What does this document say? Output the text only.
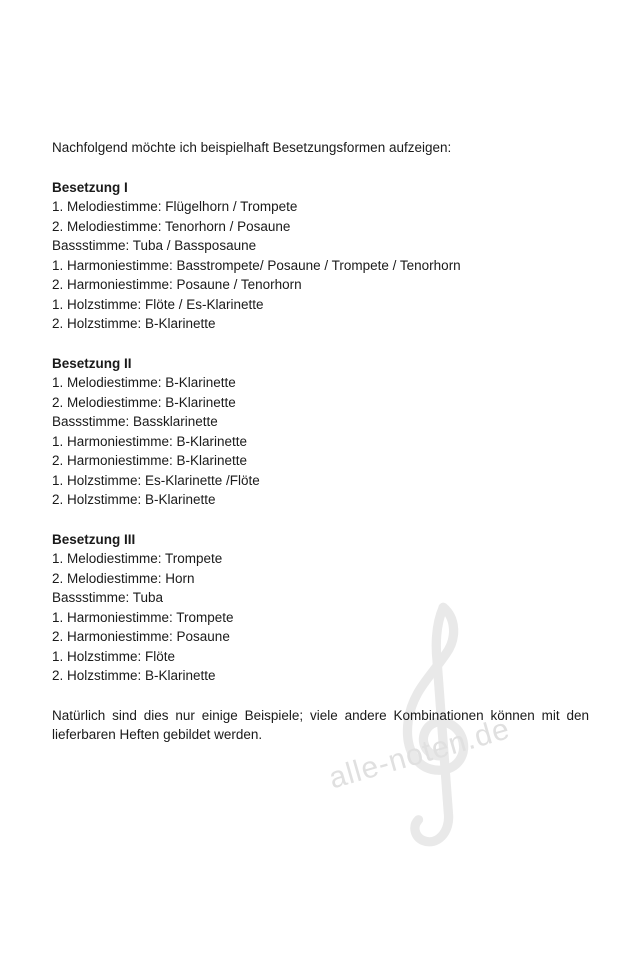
alle-noten.de

Nachfolgend möchte ich beispielhaft Besetzungsformen aufzeigen:

Besetzung I

1. Melodiestimme: Flügelhorn / Trompete

2. Melodiestimme: Tenorhorn / Posaune

Bassstimme: Tuba / Bassposaune

1. Harmoniestimme: Basstrompete/ Posaune / Trompete / Tenorhorn

2. Harmoniestimme: Posaune / Tenorhorn

1. Holzstimme: Flöte / Es-Klarinette

2. Holzstimme: B-Klarinette

Besetzung II

1. Melodiestimme: B-Klarinette

2. Melodiestimme: B-Klarinette

Bassstimme: Bassklarinette

1. Harmoniestimme: B-Klarinette

2. Harmoniestimme: B-Klarinette

1. Holzstimme: Es-Klarinette /Flöte

2. Holzstimme: B-Klarinette

Besetzung III

1. Melodiestimme: Trompete

2. Melodiestimme: Horn

Bassstimme: Tuba

1. Harmoniestimme: Trompete

2. Harmoniestimme: Posaune

1. Holzstimme: Flöte

2. Holzstimme: B-Klarinette

Natürlich sind dies nur einige Beispiele; viele andere Kombinationen können mit den lieferbaren Heften gebildet werden.
